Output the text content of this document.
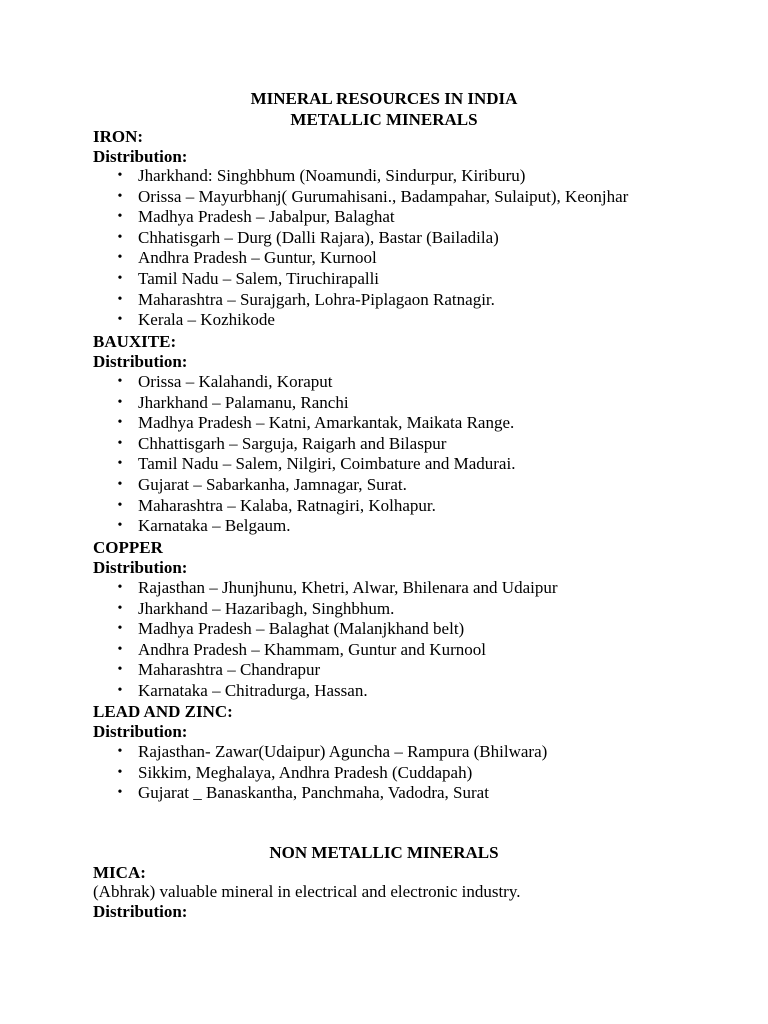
MINERAL RESOURCES IN INDIA
METALLIC MINERALS
IRON:
Distribution:
• Jharkhand: Singhbhum (Noamundi, Sindurpur, Kiriburu)
• Orissa – Mayurbhanj( Gurumahisani., Badampahar, Sulaiput), Keonjhar
• Madhya Pradesh – Jabalpur, Balaghat
• Chhatisgarh – Durg (Dalli Rajara), Bastar (Bailadila)
• Andhra Pradesh – Guntur, Kurnool
• Tamil Nadu – Salem, Tiruchirapalli
• Maharashtra – Surajgarh, Lohra-Piplagaon Ratnagir.
• Kerala – Kozhikode
BAUXITE:
Distribution:
• Orissa – Kalahandi, Koraput
• Jharkhand – Palamanu, Ranchi
• Madhya Pradesh – Katni, Amarkantak, Maikata Range.
• Chhattisgarh – Sarguja, Raigarh and Bilaspur
• Tamil Nadu – Salem, Nilgiri, Coimbature and Madurai.
• Gujarat – Sabarkanha, Jamnagar, Surat.
• Maharashtra – Kalaba, Ratnagiri, Kolhapur.
• Karnataka – Belgaum.
COPPER
Distribution:
• Rajasthan – Jhunjhunu, Khetri, Alwar, Bhilenara and Udaipur
• Jharkhand – Hazaribagh, Singhbhum.
• Madhya Pradesh – Balaghat (Malanjkhand belt)
• Andhra Pradesh – Khammam, Guntur and Kurnool
• Maharashtra – Chandrapur
• Karnataka – Chitradurga, Hassan.
LEAD AND ZINC:
Distribution:
• Rajasthan- Zawar(Udaipur) Aguncha – Rampura (Bhilwara)
• Sikkim, Meghalaya, Andhra Pradesh (Cuddapah)
• Gujarat _ Banaskantha, Panchmaha, Vadodra, Surat
NON METALLIC MINERALS
MICA:
(Abhrak) valuable mineral in electrical and electronic industry.
Distribution:
